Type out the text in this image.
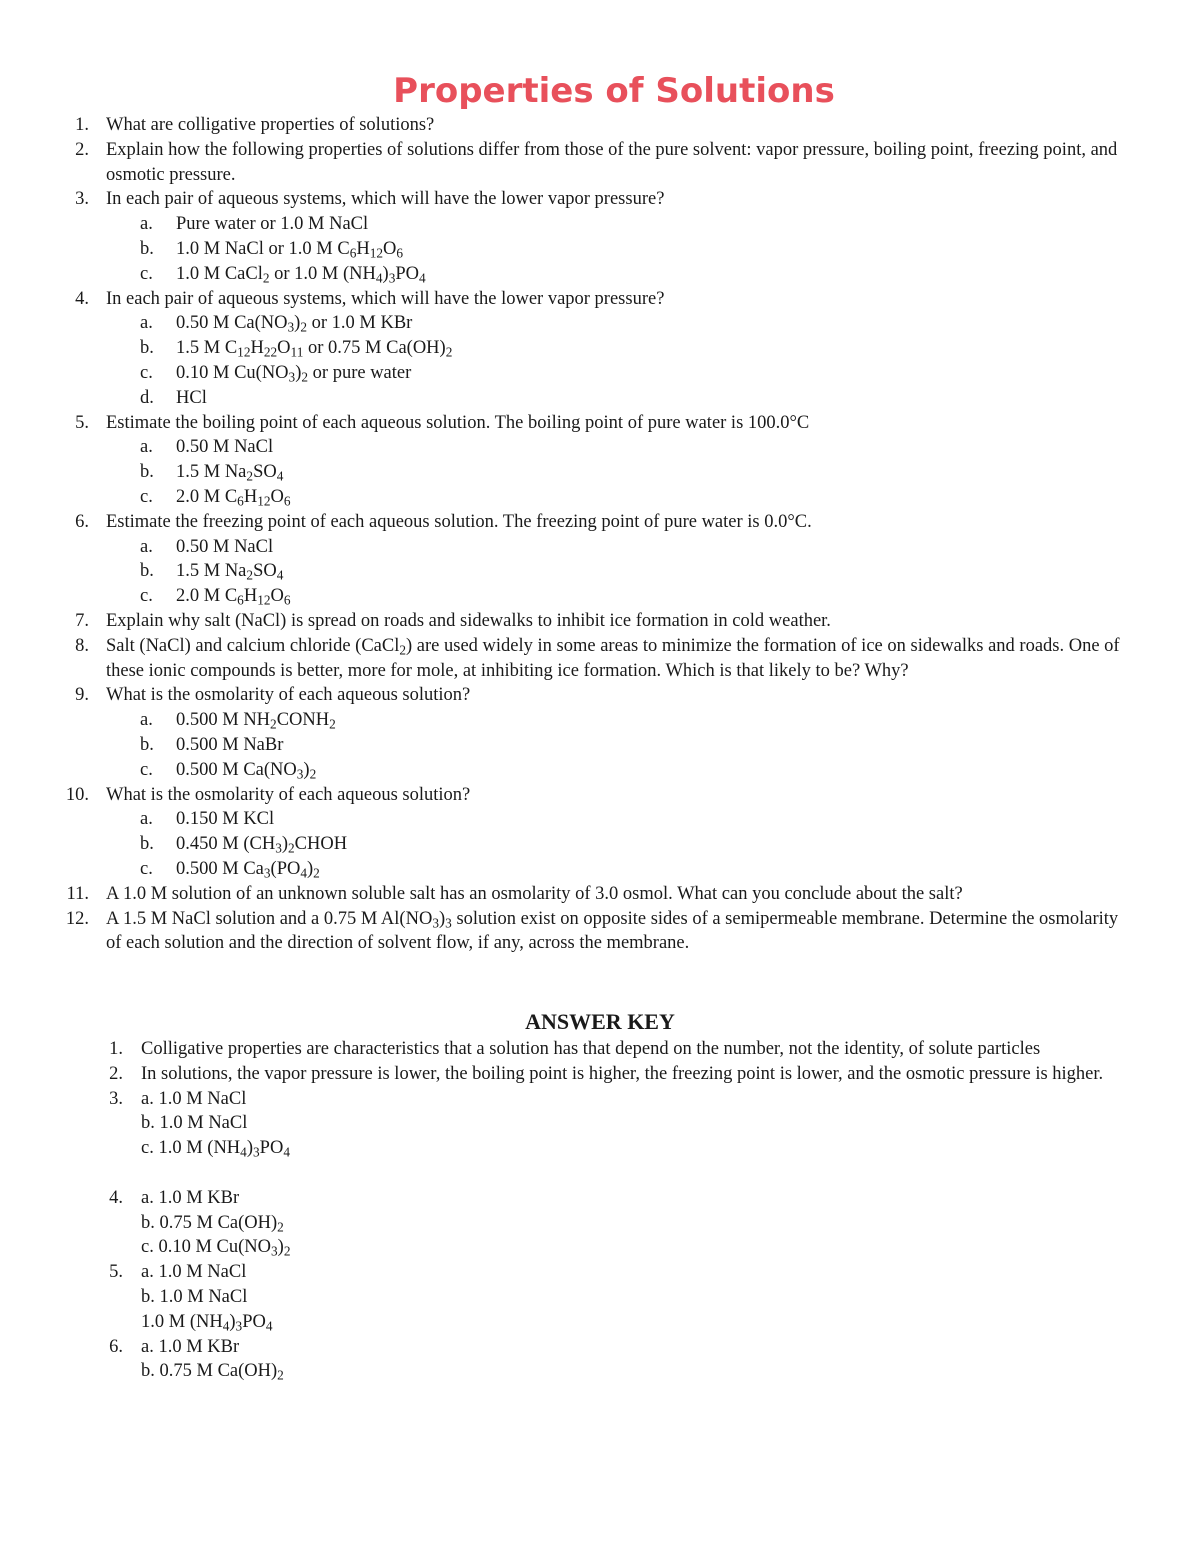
Properties of Solutions
1. What are colligative properties of solutions?
2. Explain how the following properties of solutions differ from those of the pure solvent: vapor pressure, boiling point, freezing point, and osmotic pressure.
3. In each pair of aqueous systems, which will have the lower vapor pressure?
a. Pure water or 1.0 M NaCl
b. 1.0 M NaCl or 1.0 M $C_6H_{12}O_6$
c. 1.0 M CaCl$_2$ or 1.0 M $(NH_4)_3PO_4$
4. In each pair of aqueous systems, which will have the lower vapor pressure?
a. 0.50 M $Ca(NO_3)_2$ or 1.0 M KBr
b. 1.5 M $C_{12}H_{22}O_{11}$ or 0.75 M $Ca(OH)_2$
c. 0.10 M $Cu(NO_3)_2$ or pure water
d. HCl
5. Estimate the boiling point of each aqueous solution. The boiling point of pure water is 100.0°C
a. 0.50 M NaCl
b. 1.5 M $Na_2SO_4$
c. 2.0 M $C_6H_{12}O_6$
6. Estimate the freezing point of each aqueous solution. The freezing point of pure water is 0.0°C.
a. 0.50 M NaCl
b. 1.5 M $Na_2SO_4$
c. 2.0 M $C_6H_{12}O_6$
7. Explain why salt (NaCl) is spread on roads and sidewalks to inhibit ice formation in cold weather.
8. Salt (NaCl) and calcium chloride (CaCl$_2$) are used widely in some areas to minimize the formation of ice on sidewalks and roads. One of these ionic compounds is better, more for mole, at inhibiting ice formation. Which is that likely to be? Why?
9. What is the osmolarity of each aqueous solution?
a. 0.500 M $NH_2CONH_2$
b. 0.500 M NaBr
c. 0.500 M $Ca(NO_3)_2$
10. What is the osmolarity of each aqueous solution?
a. 0.150 M KCl
b. 0.450 M $(CH_3)_2CHOH$
c. 0.500 M $Ca_3(PO_4)_2$
11. A 1.0 M solution of an unknown soluble salt has an osmolarity of 3.0 osmol. What can you conclude about the salt?
12. A 1.5 M NaCl solution and a 0.75 M $Al(NO_3)_3$ solution exist on opposite sides of a semipermeable membrane. Determine the osmolarity of each solution and the direction of solvent flow, if any, across the membrane.
ANSWER KEY
1. Colligative properties are characteristics that a solution has that depend on the number, not the identity, of solute particles
2. In solutions, the vapor pressure is lower, the boiling point is higher, the freezing point is lower, and the osmotic pressure is higher.
3. a. 1.0 M NaCl
b. 1.0 M NaCl
c. 1.0 M $(NH_4)_3PO_4$
4. a. 1.0 M KBr
b. 0.75 M $Ca(OH)_2$
c. 0.10 M $Cu(NO_3)_2$
5. a. 1.0 M NaCl
b. 1.0 M NaCl
1.0 M $(NH_4)_3PO_4$
6. a. 1.0 M KBr
b. 0.75 M $Ca(OH)_2$
